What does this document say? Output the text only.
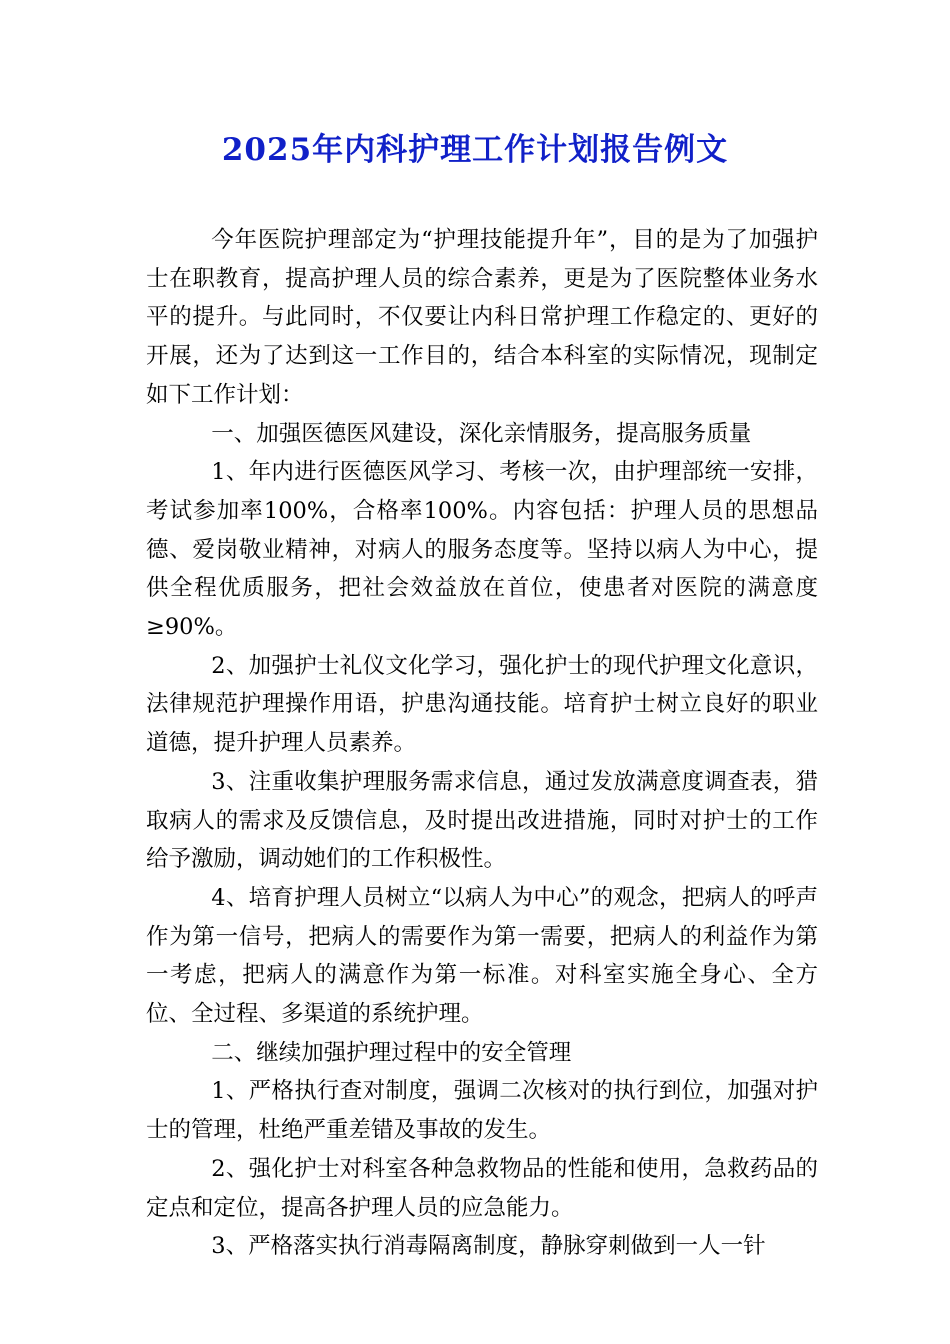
2025年内科护理工作计划报告例文

今年医院护理部定为“护理技能提升年”，目的是为了加强护士在职教育，提高护理人员的综合素养，更是为了医院整体业务水平的提升。与此同时，不仅要让内科日常护理工作稳定的、更好的开展，还为了达到这一工作目的，结合本科室的实际情况，现制定如下工作计划：

一、加强医德医风建设，深化亲情服务，提高服务质量

1、年内进行医德医风学习、考核一次，由护理部统一安排，考试参加率100%，合格率100%。内容包括：护理人员的思想品德、爱岗敬业精神，对病人的服务态度等。坚持以病人为中心，提供全程优质服务，把社会效益放在首位，使患者对医院的满意度≥90%。

2、加强护士礼仪文化学习，强化护士的现代护理文化意识，法律规范护理操作用语，护患沟通技能。培育护士树立良好的职业道德，提升护理人员素养。

3、注重收集护理服务需求信息，通过发放满意度调查表，猎取病人的需求及反馈信息，及时提出改进措施，同时对护士的工作给予激励，调动她们的工作积极性。

4、培育护理人员树立“以病人为中心”的观念，把病人的呼声作为第一信号，把病人的需要作为第一需要，把病人的利益作为第一考虑，把病人的满意作为第一标准。对科室实施全身心、全方位、全过程、多渠道的系统护理。

二、继续加强护理过程中的安全管理

1、严格执行查对制度，强调二次核对的执行到位，加强对护士的管理，杜绝严重差错及事故的发生。

2、强化护士对科室各种急救物品的性能和使用，急救药品的定点和定位，提高各护理人员的应急能力。

3、严格落实执行消毒隔离制度，静脉穿刺做到一人一针
